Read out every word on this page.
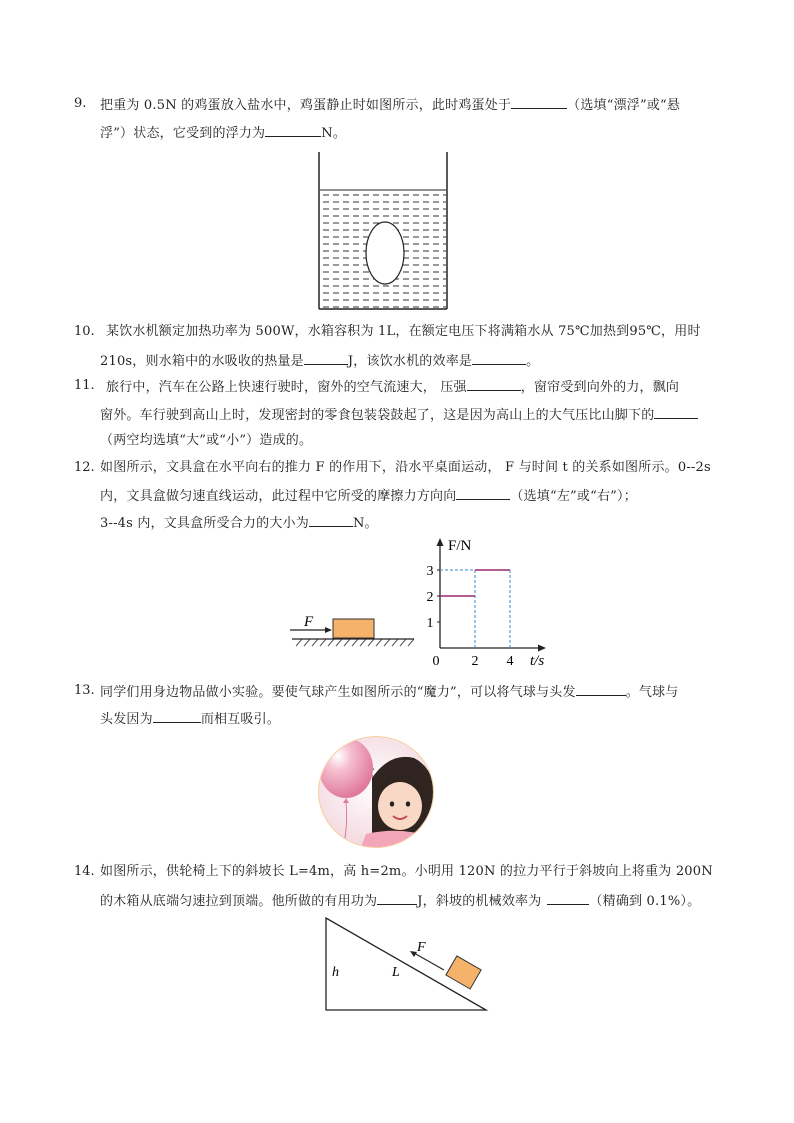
9. 把重为 0.5N 的鸡蛋放入盐水中，鸡蛋静止时如图所示，此时鸡蛋处于	（选填“漂浮”或“悬
浮”）状态，它受到的浮力为	N。
10. 某饮水机额定加热功率为 500W，水箱容积为 1L，在额定电压下将满箱水从 75℃加热到95℃，用时
210s，则水箱中的水吸收的热量是	J，该饮水机的效率是	。
11. 旅行中，汽车在公路上快速行驶时，窗外的空气流速大， 压强	，窗帘受到向外的力，飘向
窗外。车行驶到高山上时，发现密封的零食包装袋鼓起了，这是因为高山上的大气压比山脚下的
（两空均选填“大”或“小”）造成的。
12. 如图所示，文具盒在水平向右的推力 F 的作用下，沿水平桌面运动， F 与时间 t 的关系如图所示。0--2s
内，文具盒做匀速直线运动，此过程中它所受的摩擦力方向向	（选填“左”或“右”）；
3--4s 内，文具盒所受合力的大小为	N。
F	1
2
3
0 2 4
F/N
t/s
13. 同学们用身边物品做小实验。要使气球产生如图所示的“魔力”，可以将气球与头发	。气球与
头发因为	而相互吸引。
14. 如图所示，供轮椅上下的斜坡长 L=4m，高 h=2m。小明用 120N 的拉力平行于斜坡向上将重为 200N
的木箱从底端匀速拉到顶端。他所做的有用功为	J，斜坡的机械效率为	（精确到 0.1%）。
h	L
F
